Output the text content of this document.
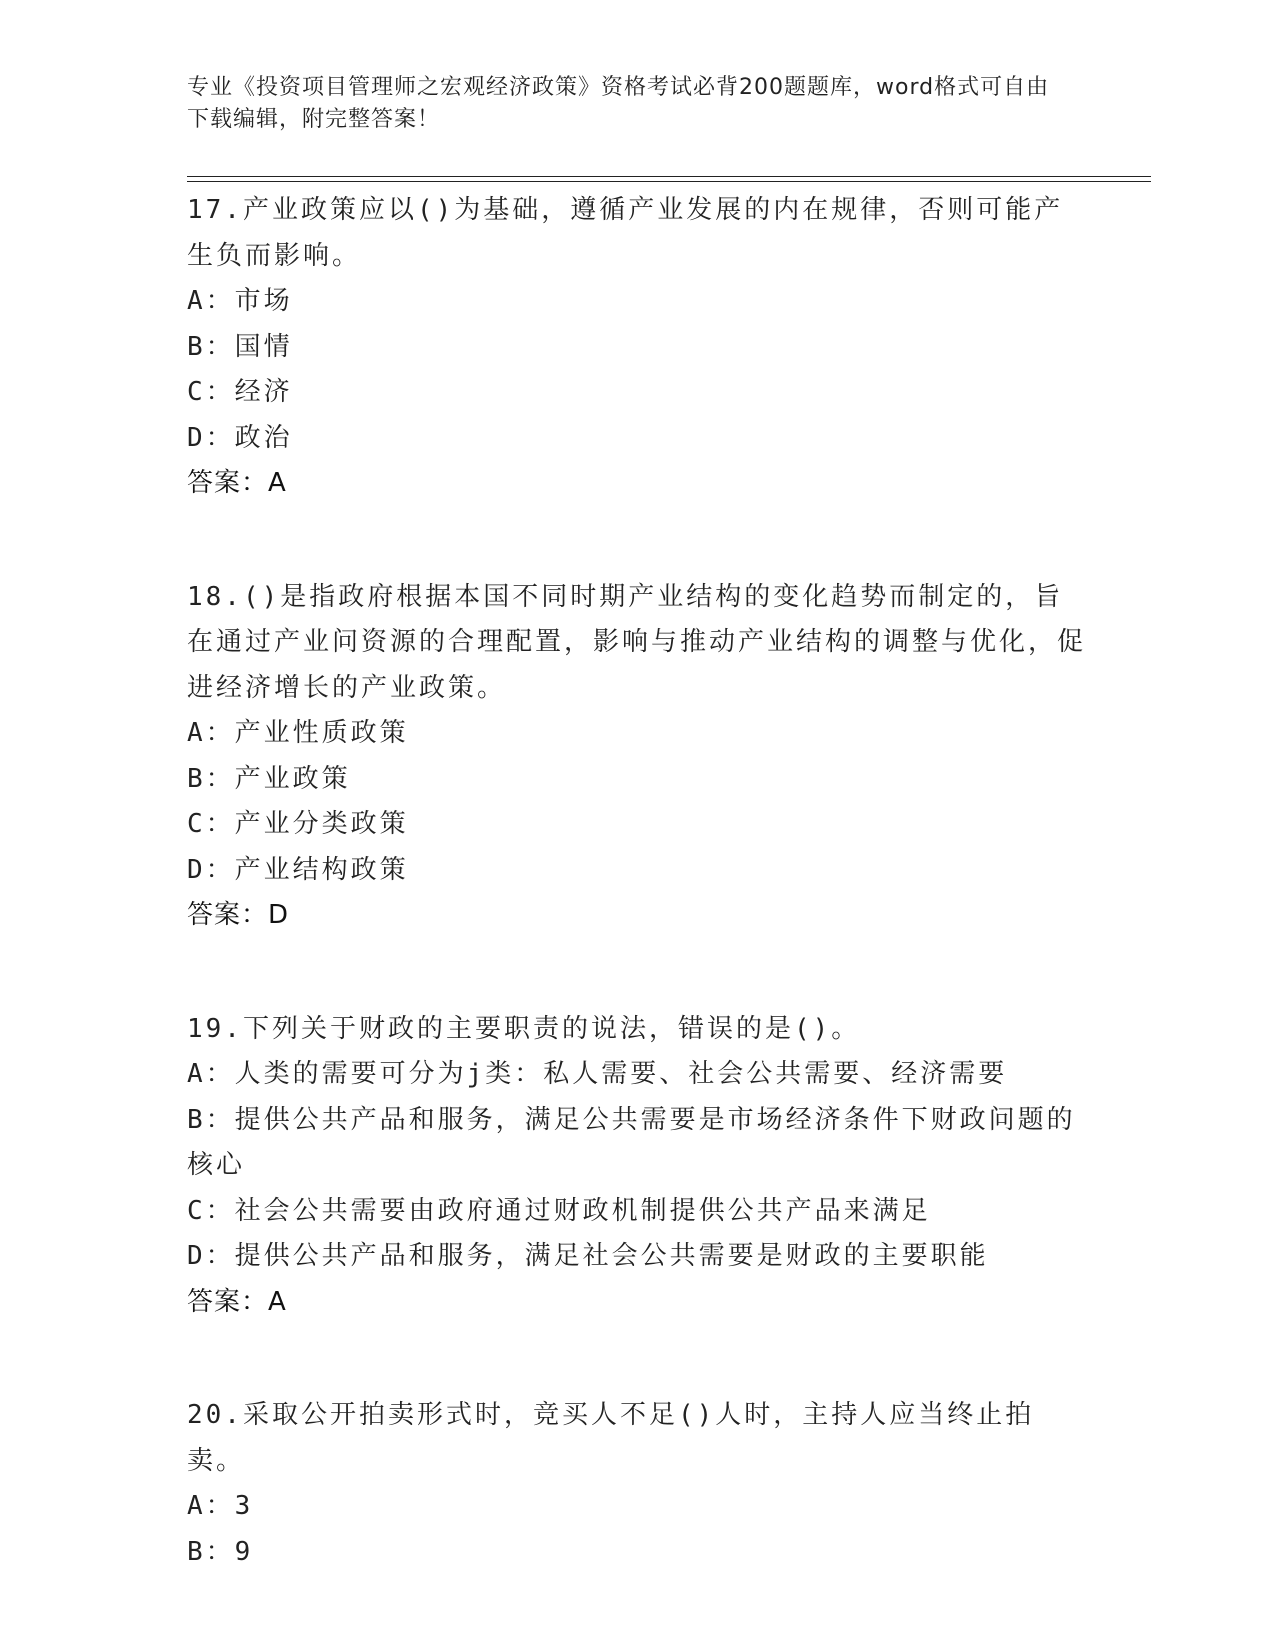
专业《投资项目管理师之宏观经济政策》资格考试必背200题题库，word格式可自由下载编辑，附完整答案！
17.产业政策应以()为基础，遵循产业发展的内在规律，否则可能产生负而影响。
A：市场
B：国情
C：经济
D：政治
答案：A
18.()是指政府根据本国不同时期产业结构的变化趋势而制定的，旨在通过产业问资源的合理配置，影响与推动产业结构的调整与优化，促进经济增长的产业政策。
A：产业性质政策
B：产业政策
C：产业分类政策
D：产业结构政策
答案：D
19.下列关于财政的主要职责的说法，错误的是()。
A：人类的需要可分为j类：私人需要、社会公共需要、经济需要
B：提供公共产品和服务，满足公共需要是市场经济条件下财政问题的核心
C：社会公共需要由政府通过财政机制提供公共产品来满足
D：提供公共产品和服务，满足社会公共需要是财政的主要职能
答案：A
20.采取公开拍卖形式时，竞买人不足()人时，主持人应当终止拍卖。
A：3
B：9
